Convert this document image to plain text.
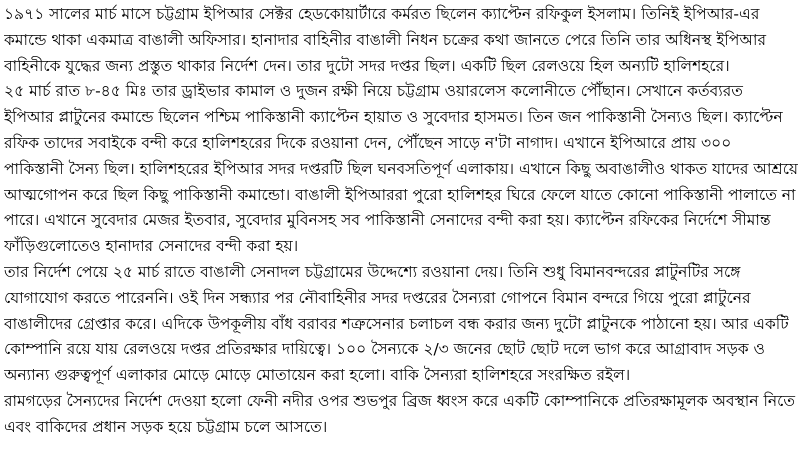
১৯৭১ সালের মার্চ মাসে চট্টগ্রাম ইপিআর সেক্টর হেডকোয়ার্টারে কর্মরত ছিলেন ক্যাপ্টেন রফিকুল ইসলাম। তিনিই ইপিআর-এর
কমান্ডে থাকা একমাত্র বাঙালী অফিসার। হানাদার বাহিনীর বাঙালী নিধন চক্রের কথা জানতে পেরে তিনি তার অধিনস্থ ইপিআর
বাহিনীকে যুদ্ধের জন্য প্রস্তুত থাকার নির্দেশ দেন। তার দুটো সদর দপ্তর ছিল। একটি ছিল রেলওয়ে হিল অন্যটি হালিশহরে।
২৫ মার্চ রাত ৮-৪৫ মিঃ তার ড্রাইভার কামাল ও দুজন রক্ষী নিয়ে চট্টগ্রাম ওয়ারলেস কলোনীতে পৌঁছান। সেখানে কর্তব্যরত
ইপিআর প্লাটুনের কমান্ডে ছিলেন পশ্চিম পাকিস্তানী ক্যাপ্টেন হায়াত ও সুবেদার হাসমত। তিন জন পাকিস্তানী সৈন্যও ছিল। ক্যাপ্টেন
রফিক তাদের সবাইকে বন্দী করে হালিশহরের দিকে রওয়ানা দেন, পৌঁছেন সাড়ে ন'টা নাগাদ। এখানে ইপিআরে প্রায় ৩০০
পাকিস্তানী সৈন্য ছিল। হালিশহরের ইপিআর সদর দপ্তরটি ছিল ঘনবসতিপূর্ণ এলাকায়। এখানে কিছু অবাঙালীও থাকত যাদের আশ্রয়ে
আত্মগোপন করে ছিল কিছু পাকিস্তানী কমান্ডো। বাঙালী ইপিআররা পুরো হালিশহর ঘিরে ফেলে যাতে কোনো পাকিস্তানী পালাতে না
পারে। এখানে সুবেদার মেজর ইতবার, সুবেদার মুবিনসহ সব পাকিস্তানী সেনাদের বন্দী করা হয়। ক্যাপ্টেন রফিকের নির্দেশে সীমান্ত
ফাঁড়িগুলোতেও হানাদার সেনাদের বন্দী করা হয়।
তার নির্দেশ পেয়ে ২৫ মার্চ রাতে বাঙালী সেনাদল চট্টগ্রামের উদ্দেশ্যে রওয়ানা দেয়। তিনি শুধু বিমানবন্দরের প্লাটুনটির সঙ্গে
যোগাযোগ করতে পারেননি। ওই দিন সন্ধ্যার পর নৌবাহিনীর সদর দপ্তরের সৈন্যরা গোপনে বিমান বন্দরে গিয়ে পুরো প্লাটুনের
বাঙালীদের গ্রেপ্তার করে। এদিকে উপকূলীয় বাঁধ বরাবর শত্রুসেনার চলাচল বন্ধ করার জন্য দুটো প্লাটুনকে পাঠানো হয়। আর একটি
কোম্পানি রয়ে যায় রেলওয়ে দপ্তর প্রতিরক্ষার দায়িত্বে। ১০০ সৈন্যকে ২/৩ জনের ছোট ছোট দলে ভাগ করে আগ্রাবাদ সড়ক ও
অন্যান্য গুরুত্বপূর্ণ এলাকার মোড়ে মোড়ে মোতায়েন করা হলো। বাকি সৈন্যরা হালিশহরে সংরক্ষিত রইল।
রামগড়ের সৈন্যদের নির্দেশ দেওয়া হলো ফেনী নদীর ওপর শুভপুর ব্রিজ ধ্বংস করে একটি কোম্পানিকে প্রতিরক্ষামূলক অবস্থান নিতে
এবং বাকিদের প্রধান সড়ক হয়ে চট্টগ্রাম চলে আসতে।
